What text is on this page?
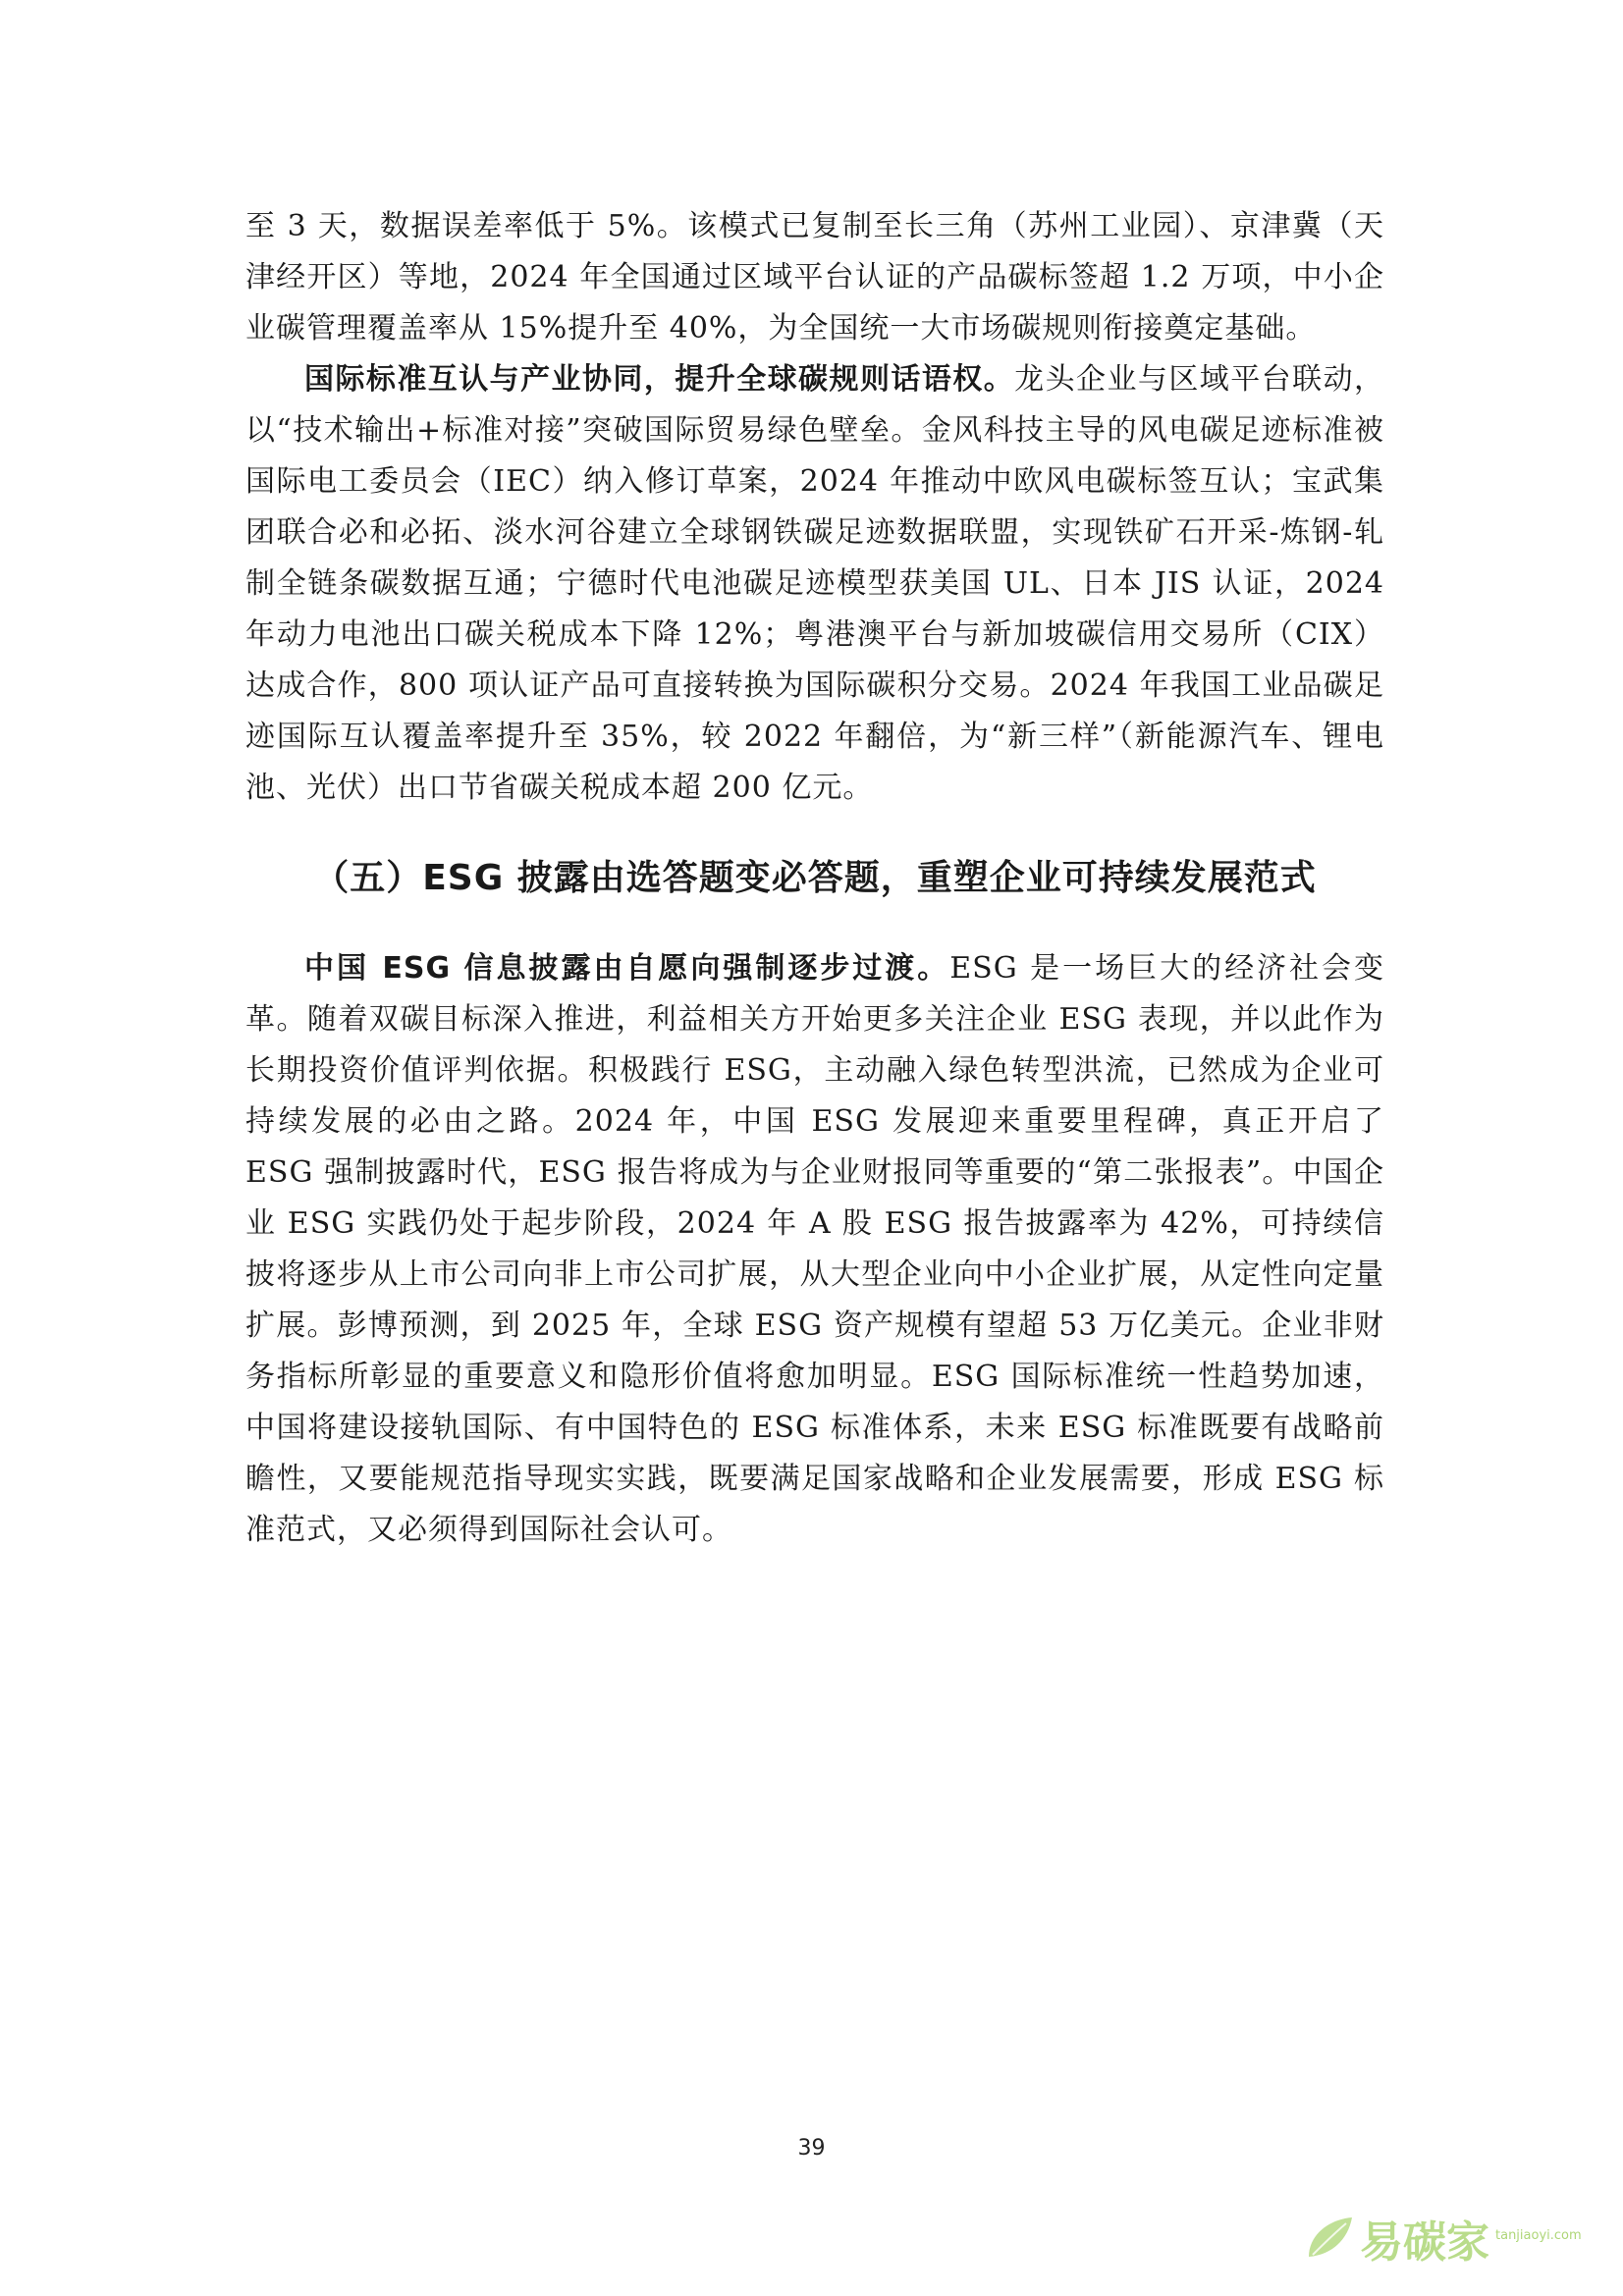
至 3 天，数据误差率低于 5%。该模式已复制至长三角（苏州工业园）、京津冀（天津经开区）等地，2024 年全国通过区域平台认证的产品碳标签超 1.2 万项，中小企业碳管理覆盖率从 15%提升至 40%，为全国统一大市场碳规则衔接奠定基础。

国际标准互认与产业协同，提升全球碳规则话语权。龙头企业与区域平台联动，以“技术输出+标准对接”突破国际贸易绿色壁垒。金风科技主导的风电碳足迹标准被国际电工委员会（IEC）纳入修订草案，2024 年推动中欧风电碳标签互认；宝武集团联合必和必拓、淡水河谷建立全球钢铁碳足迹数据联盟，实现铁矿石开采-炼钢-轧制全链条碳数据互通；宁德时代电池碳足迹模型获美国 UL、日本 JIS 认证，2024 年动力电池出口碳关税成本下降 12%；粤港澳平台与新加坡碳信用交易所（CIX）达成合作，800 项认证产品可直接转换为国际碳积分交易。2024 年我国工业品碳足迹国际互认覆盖率提升至 35%，较 2022 年翻倍，为“新三样”（新能源汽车、锂电池、光伏）出口节省碳关税成本超 200 亿元。

（五）ESG 披露由选答题变必答题，重塑企业可持续发展范式

中国 ESG 信息披露由自愿向强制逐步过渡。ESG 是一场巨大的经济社会变革。随着双碳目标深入推进，利益相关方开始更多关注企业 ESG 表现，并以此作为长期投资价值评判依据。积极践行 ESG，主动融入绿色转型洪流，已然成为企业可持续发展的必由之路。2024 年，中国 ESG 发展迎来重要里程碑，真正开启了 ESG 强制披露时代，ESG 报告将成为与企业财报同等重要的“第二张报表”。中国企业 ESG 实践仍处于起步阶段，2024 年 A 股 ESG 报告披露率为 42%，可持续信披将逐步从上市公司向非上市公司扩展，从大型企业向中小企业扩展，从定性向定量扩展。彭博预测，到 2025 年，全球 ESG 资产规模有望超 53 万亿美元。企业非财务指标所彰显的重要意义和隐形价值将愈加明显。ESG 国际标准统一性趋势加速，中国将建设接轨国际、有中国特色的 ESG 标准体系，未来 ESG 标准既要有战略前瞻性，又要能规范指导现实实践，既要满足国家战略和企业发展需要，形成 ESG 标准范式，又必须得到国际社会认可。

39
易碳家 tanjiaoyi.com
